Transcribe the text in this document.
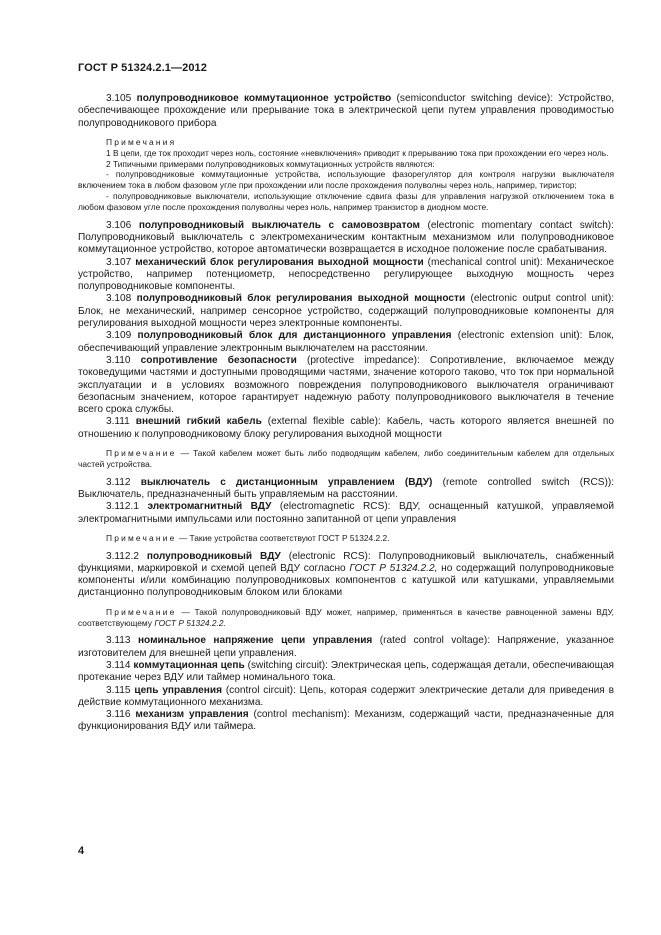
ГОСТ Р 51324.2.1—2012

3.105 полупроводниковое коммутационное устройство (semiconductor switching device): Устройство, обеспечивающее прохождение или прерывание тока в электрической цепи путем управления проводимостью полупроводникового прибора

Примечания

1 В цепи, где ток проходит через ноль, состояние «невключения» приводит к прерыванию тока при прохождении его через ноль.

2 Типичными примерами полупроводниковых коммутационных устройств являются:

- полупроводниковые коммутационные устройства, использующие фазорегулятор для контроля нагрузки выключателя включением тока в любом фазовом угле при прохождении или после прохождения полуволны через ноль, например, тиристор;

- полупроводниковые выключатели, использующие отключение сдвига фазы для управления нагрузкой отключением тока в любом фазовом угле после прохождения полуволны через ноль, например транзистор в диодном мосте.

3.106 полупроводниковый выключатель с самовозвратом (electronic momentary contact switch): Полупроводниковый выключатель с электромеханическим контактным механизмом или полупроводниковое коммутационное устройство, которое автоматически возвращается в исходное положение после срабатывания.

3.107 механический блок регулирования выходной мощности (mechanical control unit): Механическое устройство, например потенциометр, непосредственно регулирующее выходную мощность через полупроводниковые компоненты.

3.108 полупроводниковый блок регулирования выходной мощности (electronic output control unit): Блок, не механический, например сенсорное устройство, содержащий полупроводниковые компоненты для регулирования выходной мощности через электронные компоненты.

3.109 полупроводниковый блок для дистанционного управления (electronic extension unit): Блок, обеспечивающий управление электронным выключателем на расстоянии.

3.110 сопротивление безопасности (protective impedance): Сопротивление, включаемое между токоведущими частями и доступными проводящими частями, значение которого таково, что ток при нормальной эксплуатации и в условиях возможного повреждения полупроводникового выключателя ограничивают безопасным значением, которое гарантирует надежную работу полупроводникового выключателя в течение всего срока службы.

3.111 внешний гибкий кабель (external flexible cable): Кабель, часть которого является внешней по отношению к полупроводниковому блоку регулирования выходной мощности

Примечание — Такой кабелем может быть либо подводящим кабелем, либо соединительным кабелем для отдельных частей устройства.

3.112 выключатель с дистанционным управлением (ВДУ) (remote controlled switch (RCS)): Выключатель, предназначенный быть управляемым на расстоянии.

3.112.1 электромагнитный ВДУ (electromagnetic RCS): ВДУ, оснащенный катушкой, управляемой электромагнитными импульсами или постоянно запитанной от цепи управления

Примечание — Такие устройства соответствуют ГОСТ Р 51324.2.2.

3.112.2 полупроводниковый ВДУ (electronic RCS): Полупроводниковый выключатель, снабженный функциями, маркировкой и схемой цепей ВДУ согласно ГОСТ Р 51324.2.2, но содержащий полупроводниковые компоненты и/или комбинацию полупроводниковых компонентов с катушкой или катушками, управляемыми дистанционно полупроводниковым блоком или блоками

Примечание — Такой полупроводниковый ВДУ может, например, применяться в качестве равноценной замены ВДУ, соответствующему ГОСТ Р 51324.2.2.

3.113 номинальное напряжение цепи управления (rated control voltage): Напряжение, указанное изготовителем для внешней цепи управления.

3.114 коммутационная цепь (switching circuit): Электрическая цепь, содержащая детали, обеспечивающая протекание через ВДУ или таймер номинального тока.

3.115 цепь управления (control circuit): Цепь, которая содержит электрические детали для приведения в действие коммутационного механизма.

3.116 механизм управления (control mechanism): Механизм, содержащий части, предназначенные для функционирования ВДУ или таймера.

4
